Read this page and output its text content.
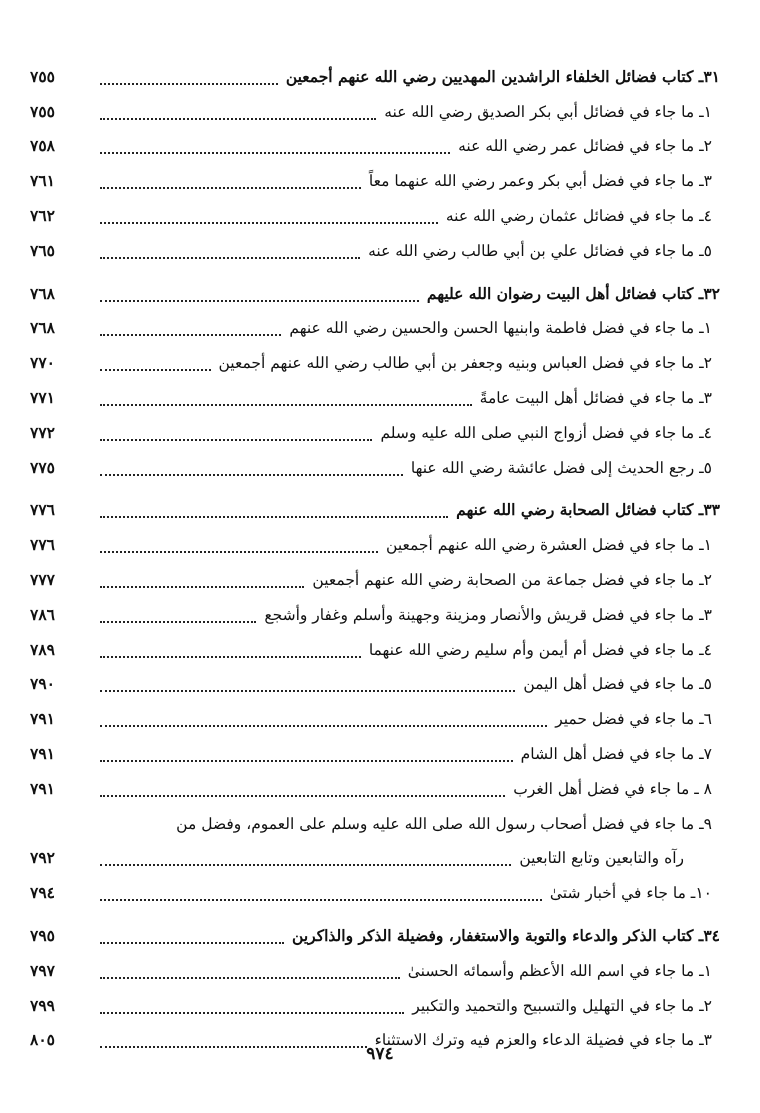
٣١ـ كتاب فضائل الخلفاء الراشدين المهديين رضي الله عنهم أجمعين
٧٥٥
١ـ ما جاء في فضائل أبي بكر الصديق رضي الله عنه
٧٥٥
٢ـ ما جاء في فضائل عمر رضي الله عنه
٧٥٨
٣ـ ما جاء في فضل أبي بكر وعمر رضي الله عنهما معاً
٧٦١
٤ـ ما جاء في فضائل عثمان رضي الله عنه
٧٦٢
٥ـ ما جاء في فضائل علي بن أبي طالب رضي الله عنه
٧٦٥
٣٢ـ كتاب فضائل أهل البيت رضوان الله عليهم
٧٦٨
١ـ ما جاء في فضل فاطمة وابنيها الحسن والحسين رضي الله عنهم
٧٦٨
٢ـ ما جاء في فضل العباس وبنيه وجعفر بن أبي طالب رضي الله عنهم أجمعين
٧٧٠
٣ـ ما جاء في فضائل أهل البيت عامةً
٧٧١
٤ـ ما جاء في فضل أزواج النبي صلى الله عليه وسلم
٧٧٢
٥ـ رجع الحديث إلى فضل عائشة رضي الله عنها
٧٧٥
٣٣ـ كتاب فضائل الصحابة رضي الله عنهم
٧٧٦
١ـ ما جاء في فضل العشرة رضي الله عنهم أجمعين
٧٧٦
٢ـ ما جاء في فضل جماعة من الصحابة رضي الله عنهم أجمعين
٧٧٧
٣ـ ما جاء في فضل قريش والأنصار ومزينة وجهينة وأسلم وغفار وأشجع
٧٨٦
٤ـ ما جاء في فضل أم أيمن وأم سليم رضي الله عنهما
٧٨٩
٥ـ ما جاء في فضل أهل اليمن
٧٩٠
٦ـ ما جاء في فضل حمير
٧٩١
٧ـ ما جاء في فضل أهل الشام
٧٩١
٨ ـ ما جاء في فضل أهل الغرب
٧٩١
٩ـ ما جاء في فضل أصحاب رسول الله صلى الله عليه وسلم على العموم، وفضل من
رآه والتابعين وتابع التابعين
٧٩٢
١٠ـ ما جاء في أخبار شتىٰ
٧٩٤
٣٤ـ كتاب الذكر والدعاء والتوبة والاستغفار، وفضيلة الذكر والذاكرين
٧٩٥
١ـ ما جاء في اسم الله الأعظم وأسمائه الحسنىٰ
٧٩٧
٢ـ ما جاء في التهليل والتسبيح والتحميد والتكبير
٧٩٩
٣ـ ما جاء في فضيلة الدعاء والعزم فيه وترك الاستثناء
٨٠٥
٩٧٤
